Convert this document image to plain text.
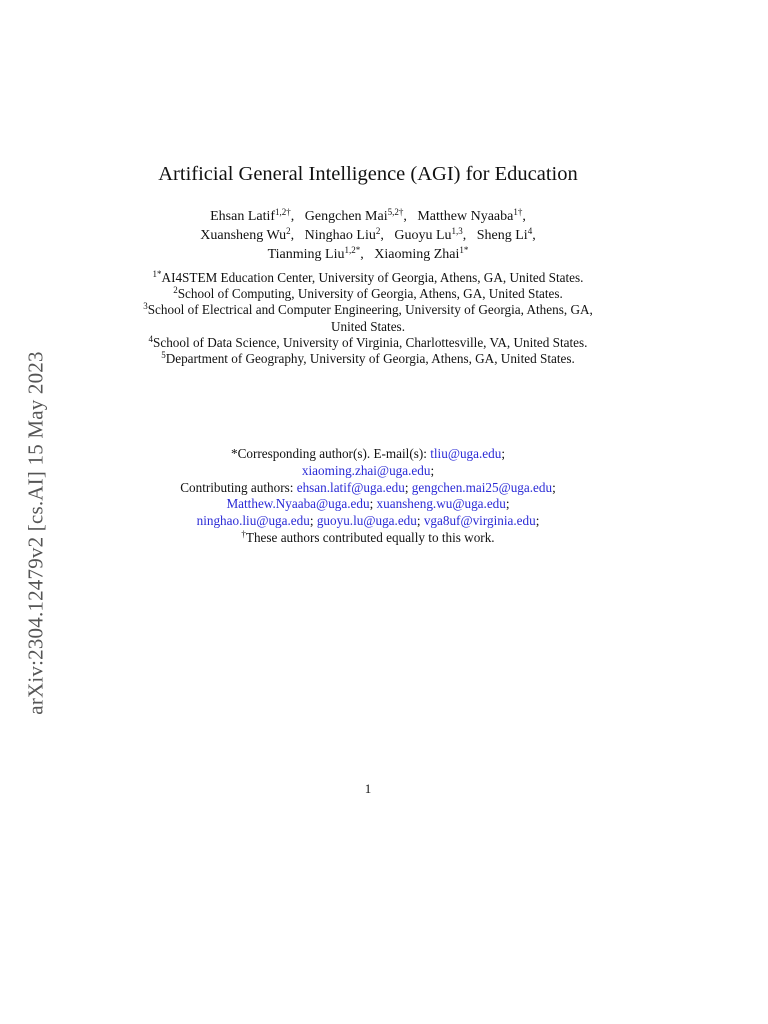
arXiv:2304.12479v2 [cs.AI] 15 May 2023
Artificial General Intelligence (AGI) for Education
Ehsan Latif$^{1,2\dagger}$,   Gengchen Mai$^{5,2\dagger}$,   Matthew Nyaaba$^{1\dagger}$,
Xuansheng Wu$^2$,   Ninghao Liu$^2$,   Guoyu Lu$^{1,3}$,   Sheng Li$^4$,
Tianming Liu$^{1,2*}$,   Xiaoming Zhai$^{1*}$

$^{1*}$AI4STEM Education Center, University of Georgia, Athens, GA, United States.

$^2$School of Computing, University of Georgia, Athens, GA, United States.

$^3$School of Electrical and Computer Engineering, University of Georgia, Athens, GA, United States.

$^4$School of Data Science, University of Virginia, Charlottesville, VA, United States.

$^5$Department of Geography, University of Georgia, Athens, GA, United States.

*Corresponding author(s). E-mail(s): tliu@uga.edu;
xiaoming.zhai@uga.edu;

Contributing authors: ehsan.latif@uga.edu; gengchen.mai25@uga.edu;
Matthew.Nyaaba@uga.edu; xuansheng.wu@uga.edu;
ninghao.liu@uga.edu; guoyu.lu@uga.edu; vga8uf@virginia.edu;

†These authors contributed equally to this work.

1
